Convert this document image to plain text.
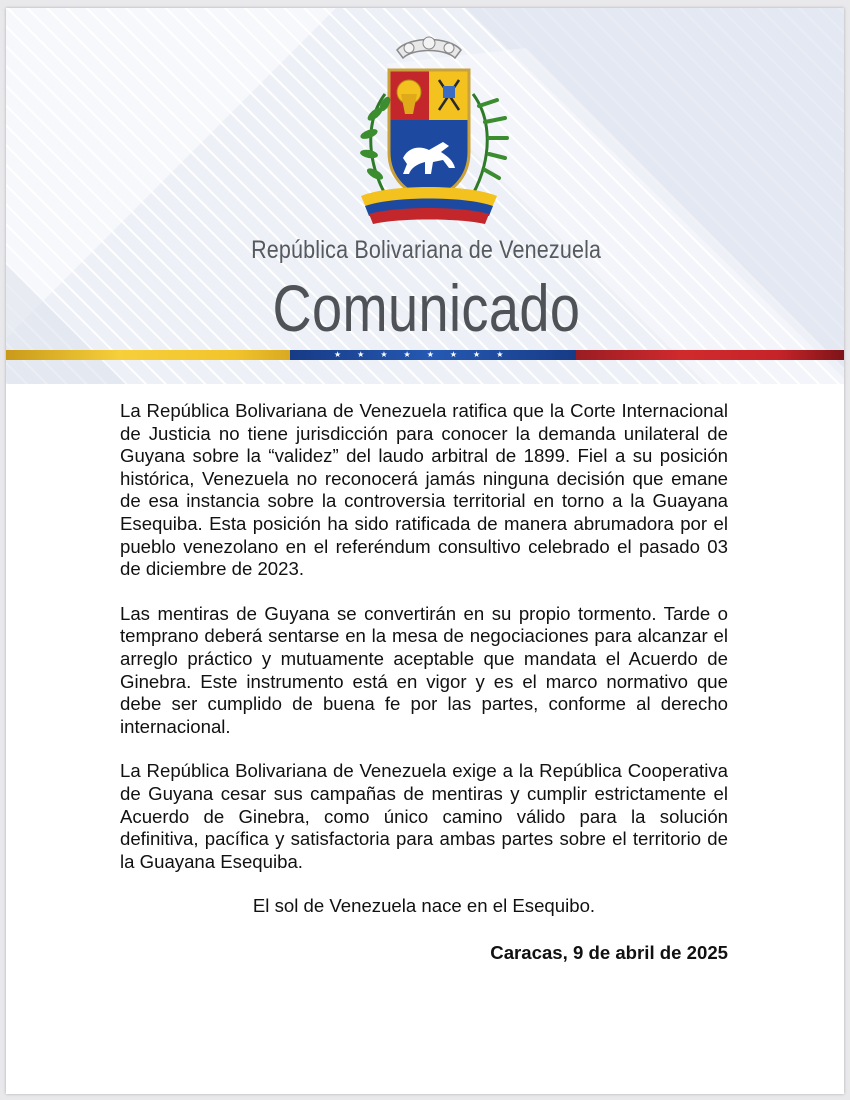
República Bolivariana de Venezuela
Comunicado
★ ★ ★ ★ ★ ★ ★ ★

La República Bolivariana de Venezuela ratifica que la Corte Internacional de Justicia no tiene jurisdicción para conocer la demanda unilateral de Guyana sobre la “validez” del laudo arbitral de 1899. Fiel a su posición histórica, Venezuela no reconocerá jamás ninguna decisión que emane de esa instancia sobre la controversia territorial en torno a la Guayana Esequiba. Esta posición ha sido ratificada de manera abrumadora por el pueblo venezolano en el referéndum consultivo celebrado el pasado 03 de diciembre de 2023.

Las mentiras de Guyana se convertirán en su propio tormento. Tarde o temprano deberá sentarse en la mesa de negociaciones para alcanzar el arreglo práctico y mutuamente aceptable que mandata el Acuerdo de Ginebra. Este instrumento está en vigor y es el marco normativo que debe ser cumplido de buena fe por las partes, conforme al derecho internacional.

La República Bolivariana de Venezuela exige a la República Cooperativa de Guyana cesar sus campañas de mentiras y cumplir estrictamente el Acuerdo de Ginebra, como único camino válido para la solución definitiva, pacífica y satisfactoria para ambas partes sobre el territorio de la Guayana Esequiba.

El sol de Venezuela nace en el Esequibo.

Caracas, 9 de abril de 2025
